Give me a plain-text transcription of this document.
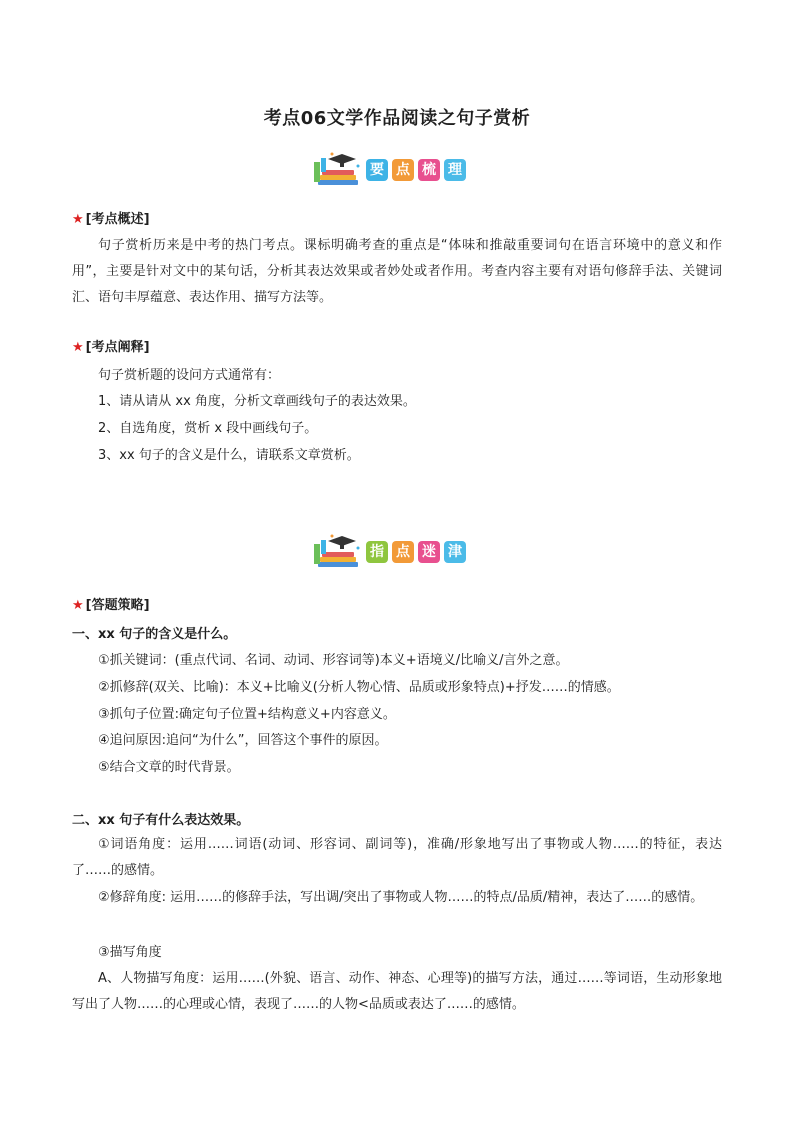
考点06文学作品阅读之句子赏析
要 点 梳 理
★ [考点概述]

句子赏析历来是中考的热门考点。课标明确考查的重点是“体味和推敲重要词句在语言环境中的意义和作用”，主要是针对文中的某句话，分析其表达效果或者妙处或者作用。考查内容主要有对语句修辞手法、关键词汇、语句丰厚蕴意、表达作用、描写方法等。

★ [考点阐释]
句子赏析题的设问方式通常有：
1、请从请从 xx 角度，分析文章画线句子的表达效果。
2、自选角度，赏析 x 段中画线句子。
3、xx 句子的含义是什么，请联系文章赏析。
指 点 迷 津
★ [答题策略]
一、xx 句子的含义是什么。
①抓关键词：(重点代词、名词、动词、形容词等)本义+语境义/比喻义/言外之意。
②抓修辞(双关、比喻)：本义+比喻义(分析人物心情、品质或形象特点)+抒发……的情感。
③抓句子位置:确定句子位置+结构意义+内容意义。
④追问原因:追问“为什么”，回答这个事件的原因。
⑤结合文章的时代背景。
二、xx 句子有什么表达效果。

①词语角度：运用……词语(动词、形容词、副词等)，准确/形象地写出了事物或人物……的特征，表达了……的感情。

②修辞角度: 运用……的修辞手法，写出调/突出了事物或人物……的特点/品质/精神，表达了……的感情。

③描写角度

A、人物描写角度：运用……(外貌、语言、动作、神态、心理等)的描写方法，通过……等词语，生动形象地写出了人物……的心理或心情，表现了……的人物<品质或表达了……的感情。
